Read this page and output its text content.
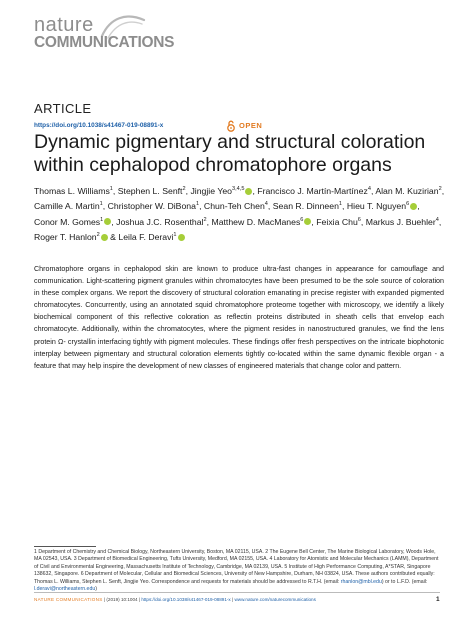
nature
COMMUNICATIONS
ARTICLE
https://doi.org/10.1038/s41467-019-08891-x	OPEN
Dynamic pigmentary and structural coloration within cephalopod chromatophore organs
Thomas L. Williams$^1$, Stephen L. Senft$^2$, Jingjie Yeo$^{3,4,5}$ , Francisco J. Martín-Martínez$^4$, Alan M. Kuzirian$^2$, Camille A. Martin$^1$, Christopher W. DiBona$^1$, Chun-Teh Chen$^4$, Sean R. Dinneen$^1$, Hieu T. Nguyen$^6$ , Conor M. Gomes$^1$ , Joshua J.C. Rosenthal$^2$, Matthew D. MacManes$^6$ , Feixia Chu$^6$, Markus J. Buehler$^4$, Roger T. Hanlon$^2$ & Leila F. Deravi$^1$

Chromatophore organs in cephalopod skin are known to produce ultra-fast changes in appearance for camouflage and communication. Light-scattering pigment granules within chromatocytes have been presumed to be the sole source of coloration in these complex organs. We report the discovery of structural coloration emanating in precise register with expanded pigmented chromatocytes. Concurrently, using an annotated squid chromatophore proteome together with microscopy, we identify a likely biochemical component of this reflective coloration as reflectin proteins distributed in sheath cells that envelop each chromatocyte. Additionally, within the chromatocytes, where the pigment resides in nanostructured granules, we find the lens protein Ω- crystallin interfacing tightly with pigment molecules. These findings offer fresh perspectives on the intricate biophotonic interplay between pigmentary and structural coloration elements tightly co-located within the same dynamic flexible organ - a feature that may help inspire the development of new classes of engineered materials that change color and pattern.

1 Department of Chemistry and Chemical Biology, Northeastern University, Boston, MA 02115, USA. 2 The Eugene Bell Center, The Marine Biological Laboratory, Woods Hole, MA 02543, USA. 3 Department of Biomedical Engineering, Tufts University, Medford, MA 02155, USA. 4 Laboratory for Atomistic and Molecular Mechanics (LAMM), Department of Civil and Environmental Engineering, Massachusetts Institute of Technology, Cambridge, MA 02139, USA. 5 Institute of High Performance Computing, A*STAR, Singapore 138632, Singapore. 6 Department of Molecular, Cellular and Biomedical Sciences, University of New Hampshire, Durham, NH 03824, USA. These authors contributed equally: Thomas L. Williams, Stephen L. Senft, Jingjie Yeo. Correspondence and requests for materials should be addressed to R.T.H. (email: rhanlon@mbl.edu) or to L.F.D. (email: l.deravi@northeastern.edu)

NATURE COMMUNICATIONS | (2019) 10:1004 | https://doi.org/10.1038/s41467-019-08891-x | www.nature.com/naturecommunications	1
